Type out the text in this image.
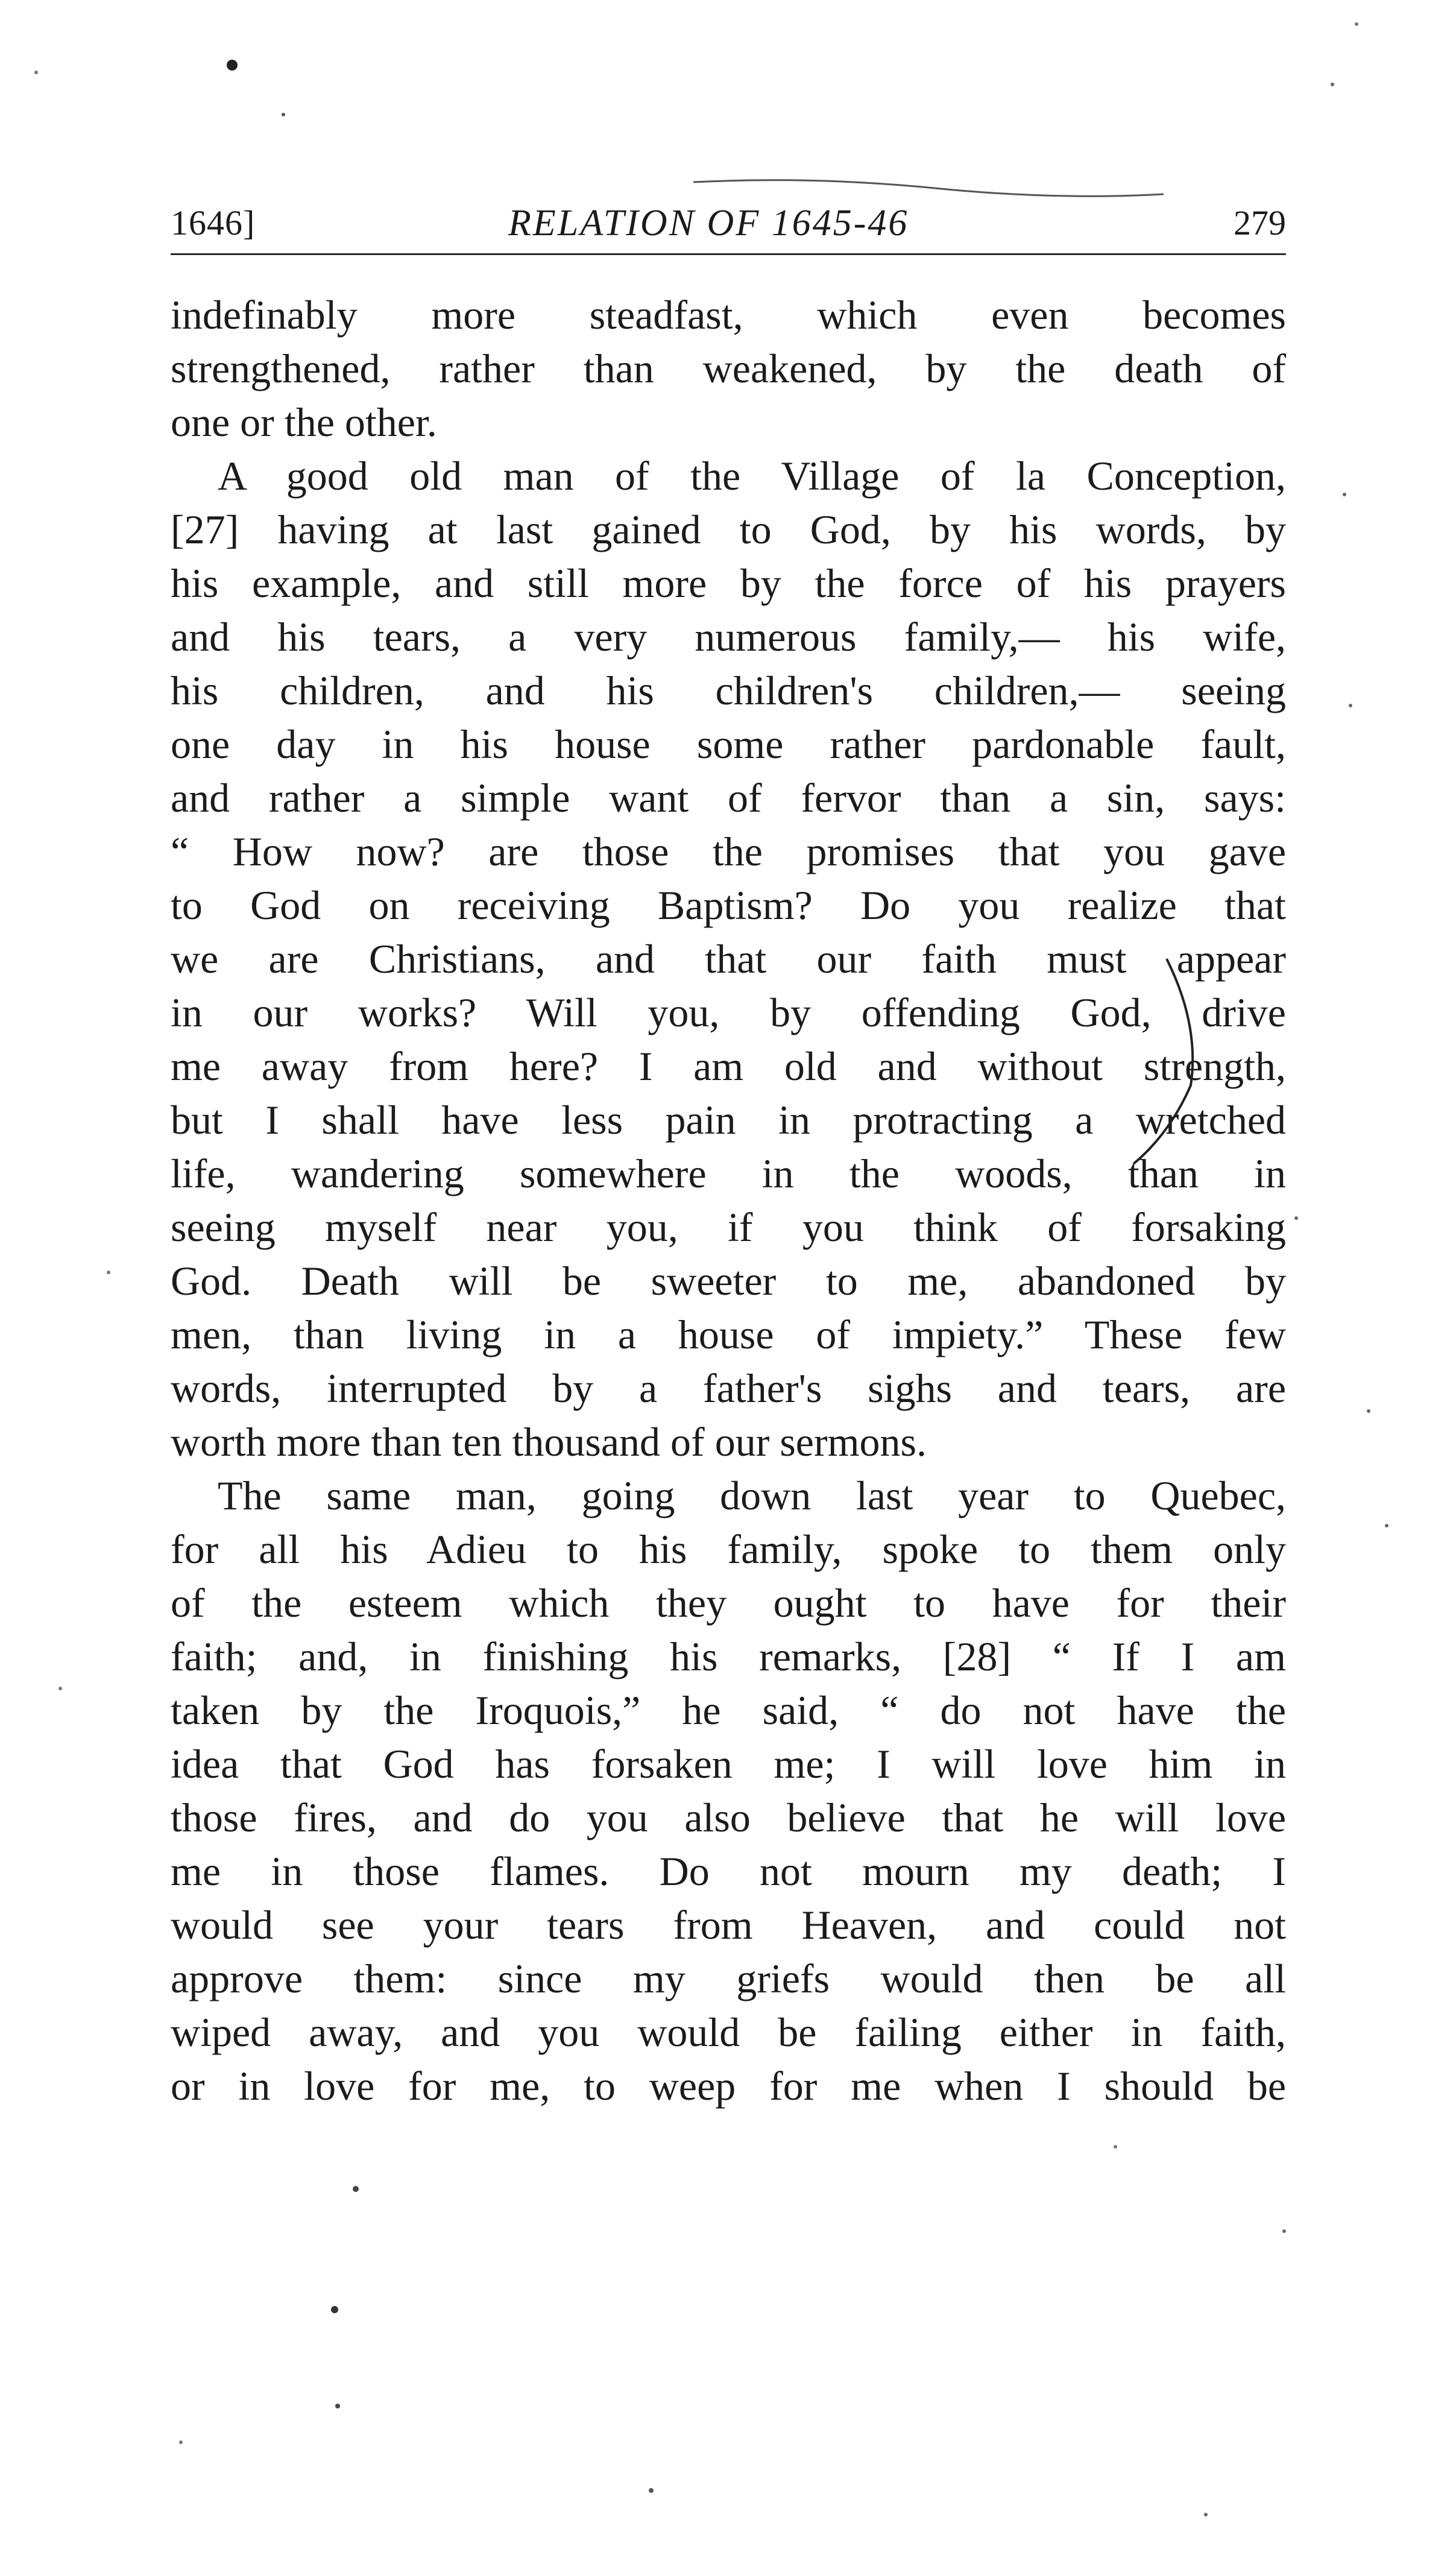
1646]	RELATION OF 1645-46	279
indefinably more steadfast, which even becomes
strengthened, rather than weakened, by the death of
one or the other.
A good old man of the Village of la Conception,
[27] having at last gained to God, by his words, by
his example, and still more by the force of his prayers
and his tears, a very numerous family,— his wife,
his children, and his children's children,— seeing
one day in his house some rather pardonable fault,
and rather a simple want of fervor than a sin, says:
“ How now? are those the promises that you gave
to God on receiving Baptism? Do you realize that
we are Christians, and that our faith must appear
in our works? Will you, by offending God, drive
me away from here? I am old and without strength,
but I shall have less pain in protracting a wretched
life, wandering somewhere in the woods, than in
seeing myself near you, if you think of forsaking
God. Death will be sweeter to me, abandoned by
men, than living in a house of impiety.” These few
words, interrupted by a father's sighs and tears, are
worth more than ten thousand of our sermons.
The same man, going down last year to Quebec,
for all his Adieu to his family, spoke to them only
of the esteem which they ought to have for their
faith; and, in finishing his remarks, [28] “ If I am
taken by the Iroquois,” he said, “ do not have the
idea that God has forsaken me; I will love him in
those fires, and do you also believe that he will love
me in those flames. Do not mourn my death; I
would see your tears from Heaven, and could not
approve them: since my griefs would then be all
wiped away, and you would be failing either in faith,
or in love for me, to weep for me when I should be
